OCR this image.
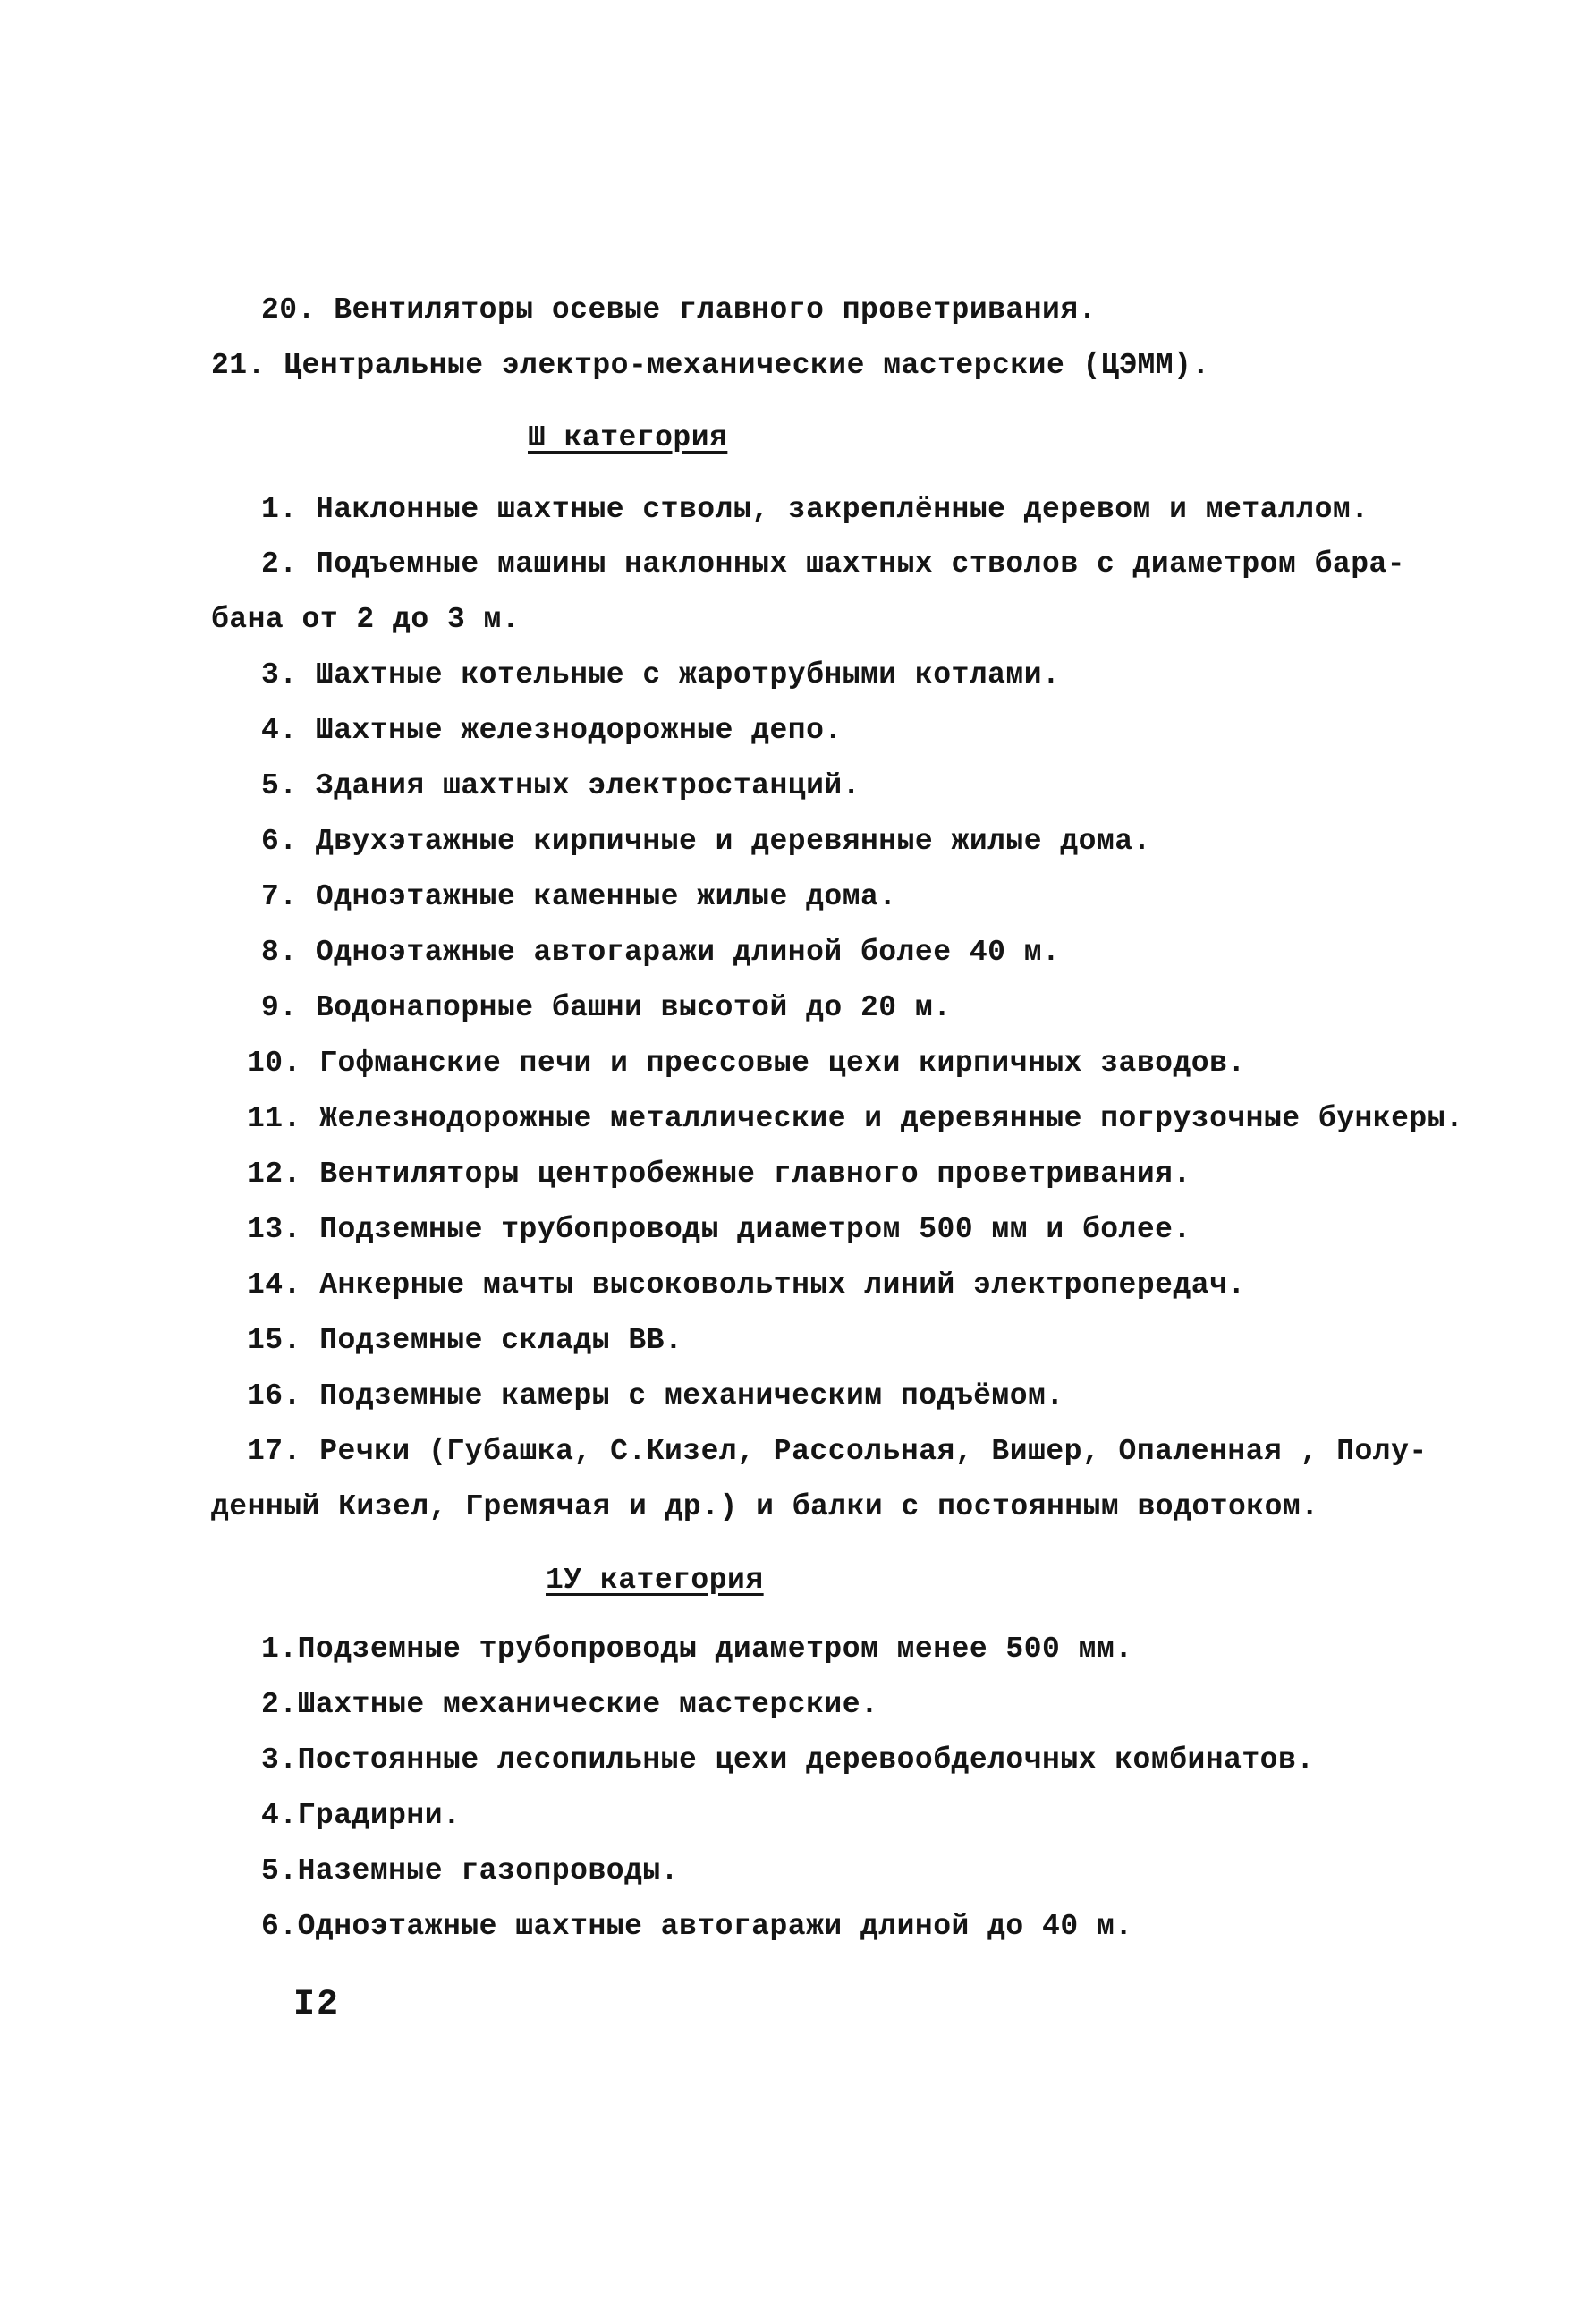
20. Вентиляторы осевые главного проветривания.
21. Центральные электро-механические мастерские (ЦЭММ).
Ш категория
1. Наклонные шахтные стволы, закреплённые деревом и металлом.
2. Подъемные машины наклонных шахтных стволов с диаметром бара-
бана от 2 до 3 м.
3. Шахтные котельные с жаротрубными котлами.
4. Шахтные железнодорожные депо.
5. Здания шахтных электростанций.
6. Двухэтажные кирпичные и деревянные жилые дома.
7. Одноэтажные каменные жилые дома.
8. Одноэтажные автогаражи длиной более 40 м.
9. Водонапорные башни высотой до 20 м.
10. Гофманские печи и прессовые цехи кирпичных заводов.
11. Железнодорожные металлические и деревянные погрузочные бункеры.
12. Вентиляторы центробежные главного проветривания.
13. Подземные трубопроводы диаметром 500 мм и более.
14. Анкерные мачты высоковольтных линий электропередач.
15. Подземные склады ВВ.
16. Подземные камеры с механическим подъёмом.
17. Речки (Губашка, С.Кизел, Рассольная, Вишер, Опаленная , Полу-
денный Кизел, Гремячая и др.) и балки с постоянным водотоком.
1У категория
1.Подземные трубопроводы диаметром менее 500 мм.
2.Шахтные механические мастерские.
3.Постоянные лесопильные цехи деревообделочных комбинатов.
4.Градирни.
5.Наземные газопроводы.
6.Одноэтажные шахтные автогаражи длиной до 40 м.
I2
